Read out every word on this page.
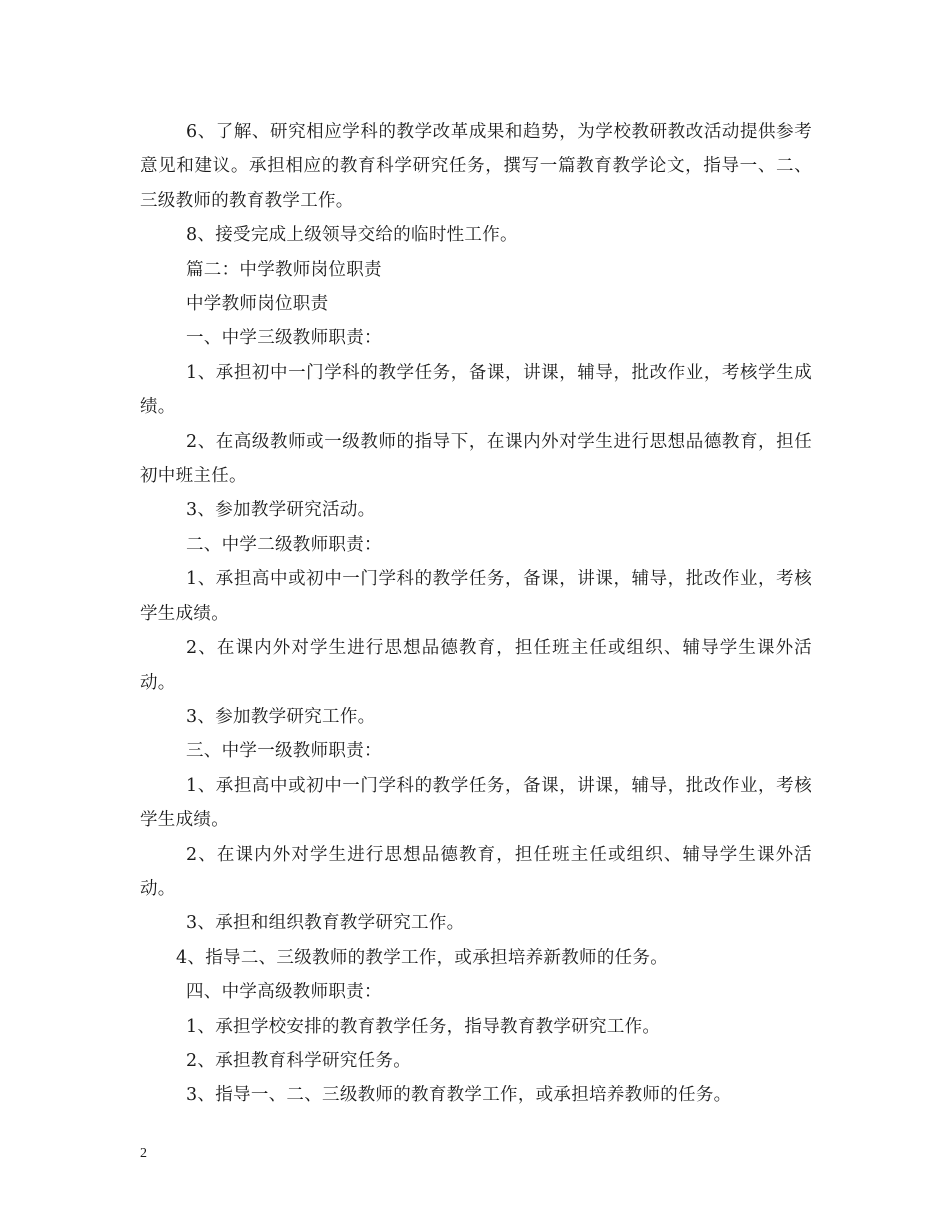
6、了解、研究相应学科的教学改革成果和趋势，为学校教研教改活动提供参考意见和建议。承担相应的教育科学研究任务，撰写一篇教育教学论文，指导一、二、三级教师的教育教学工作。

8、接受完成上级领导交给的临时性工作。

篇二：中学教师岗位职责

中学教师岗位职责

一、中学三级教师职责：

1、承担初中一门学科的教学任务，备课，讲课，辅导，批改作业，考核学生成绩。

2、在高级教师或一级教师的指导下，在课内外对学生进行思想品德教育，担任初中班主任。

3、参加教学研究活动。

二、中学二级教师职责：

1、承担高中或初中一门学科的教学任务，备课，讲课，辅导，批改作业，考核学生成绩。

2、在课内外对学生进行思想品德教育，担任班主任或组织、辅导学生课外活动。

3、参加教学研究工作。

三、中学一级教师职责：

1、承担高中或初中一门学科的教学任务，备课，讲课，辅导，批改作业，考核学生成绩。

2、在课内外对学生进行思想品德教育，担任班主任或组织、辅导学生课外活动。

3、承担和组织教育教学研究工作。

4、指导二、三级教师的教学工作，或承担培养新教师的任务。

四、中学高级教师职责：

1、承担学校安排的教育教学任务，指导教育教学研究工作。

2、承担教育科学研究任务。

3、指导一、二、三级教师的教育教学工作，或承担培养教师的任务。

2
